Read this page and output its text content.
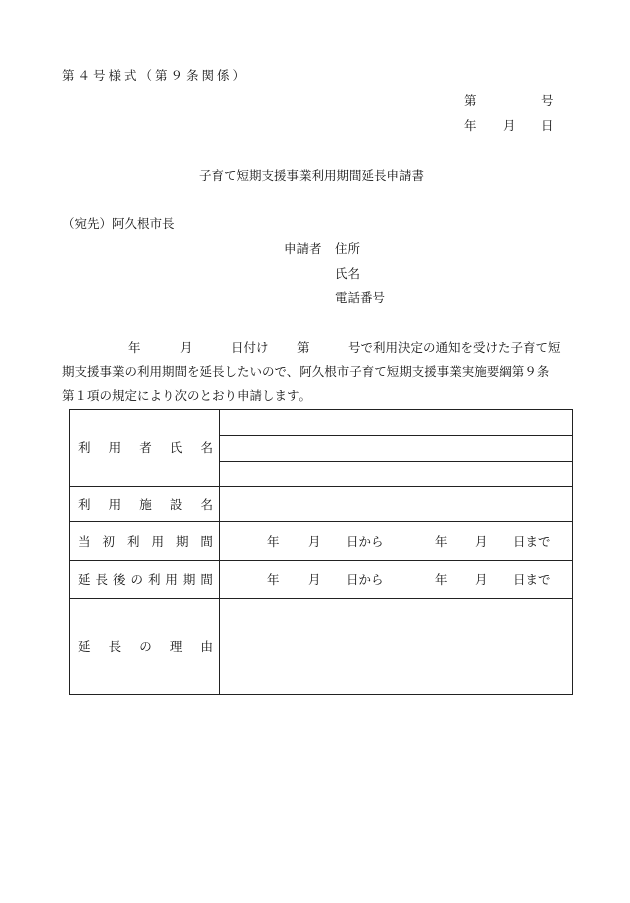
第４号様式（第９条関係）
第	号
年 月 日
子育て短期支援事業利用期間延長申請書
（宛先）阿久根市長
申請者 住所
氏名
電話番号
年	月	日付け 第	号で利用決定の通知を受けた子育て短
期支援事業の利用期間を延長したいので、阿久根市子育て短期支援事業実施要綱第９条
第１項の規定により次のとおり申請します。
利 用 者 氏 名
利 用 施 設 名
当 初 利 用 期 間	年 月 日から	年 月 日まで
延 長 後 の 利 用 期 間	年 月 日から	年 月 日まで
延 長 の 理 由
